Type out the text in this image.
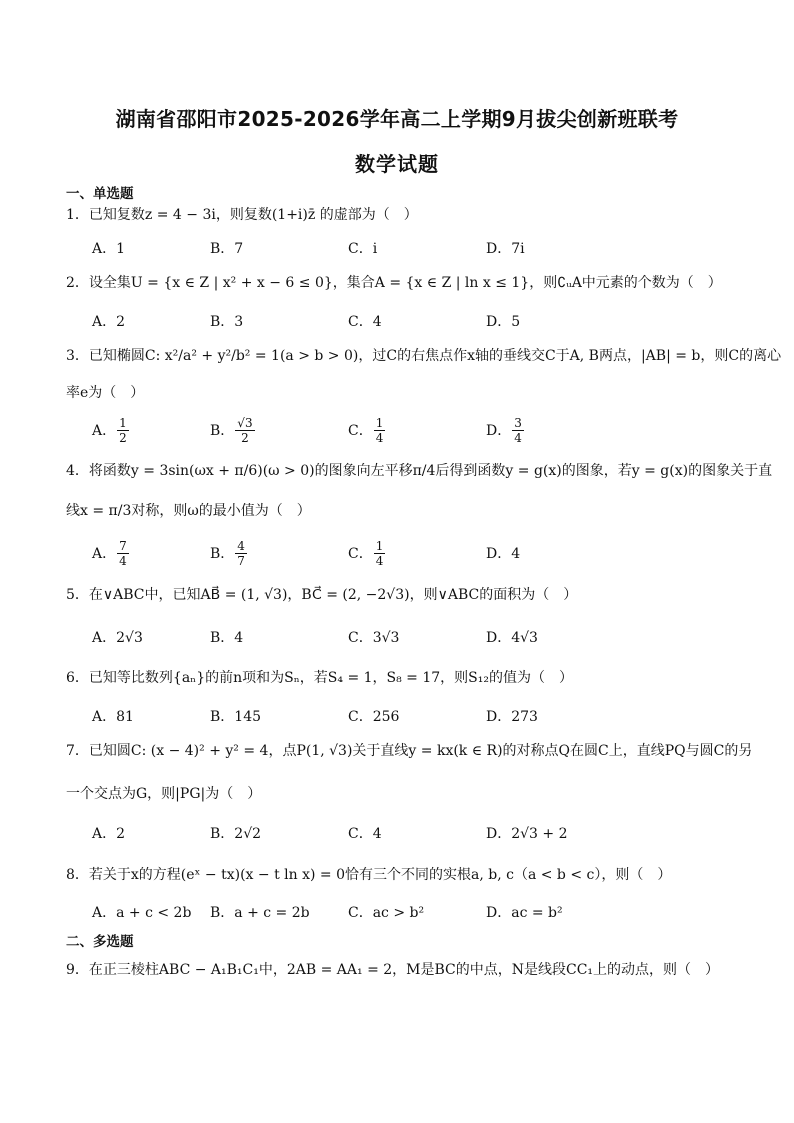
湖南省邵阳市2025-2026学年高二上学期9月拔尖创新班联考
数学试题
一、单选题
1．已知复数z = 4 − 3i，则复数(1+i)z̄ 的虚部为（　）
A．1	B．7	C．i	D．7i
2．设全集U = {x ∈ Z | x² + x − 6 ≤ 0}，集合A = {x ∈ Z | ln x ≤ 1}，则∁ᵤA中元素的个数为（　）
A．2	B．3	C．4	D．5
3．已知椭圆C: x²/a² + y²/b² = 1(a > b > 0)，过C的右焦点作x轴的垂线交C于A, B两点，|AB| = b，则C的离心
率e为（　）
A． $\frac{1}{2}$	B． $\frac{√3}{2}$	C． $\frac{1}{4}$	D． $\frac{3}{4}$
4．将函数y = 3sin(ωx + π/6)(ω > 0)的图象向左平移π/4后得到函数y = g(x)的图象，若y = g(x)的图象关于直
线x = π/3对称，则ω的最小值为（　）
A． $\frac{7}{4}$	B． $\frac{4}{7}$	C． $\frac{1}{4}$	D．4
5．在∨ABC中，已知AB⃗ = (1, √3)，BC⃗ = (2, −2√3)，则∨ABC的面积为（　）
A．2√3	B．4	C．3√3	D．4√3
6．已知等比数列{aₙ}的前n项和为Sₙ，若S₄ = 1，S₈ = 17，则S₁₂的值为（　）
A．81	B．145	C．256	D．273
7．已知圆C: (x − 4)² + y² = 4，点P(1, √3)关于直线y = kx(k ∈ R)的对称点Q在圆C上，直线PQ与圆C的另
一个交点为G，则|PG|为（　）
A．2	B．2√2	C．4	D．2√3 + 2
8．若关于x的方程(eˣ − tx)(x − t ln x) = 0恰有三个不同的实根a, b, c（a < b < c），则（　）
A．a + c < 2b B．a + c = 2b	C．ac > b²	D．ac = b²
二、多选题
9．在正三棱柱ABC − A₁B₁C₁中，2AB = AA₁ = 2，M是BC的中点，N是线段CC₁上的动点，则（　）
